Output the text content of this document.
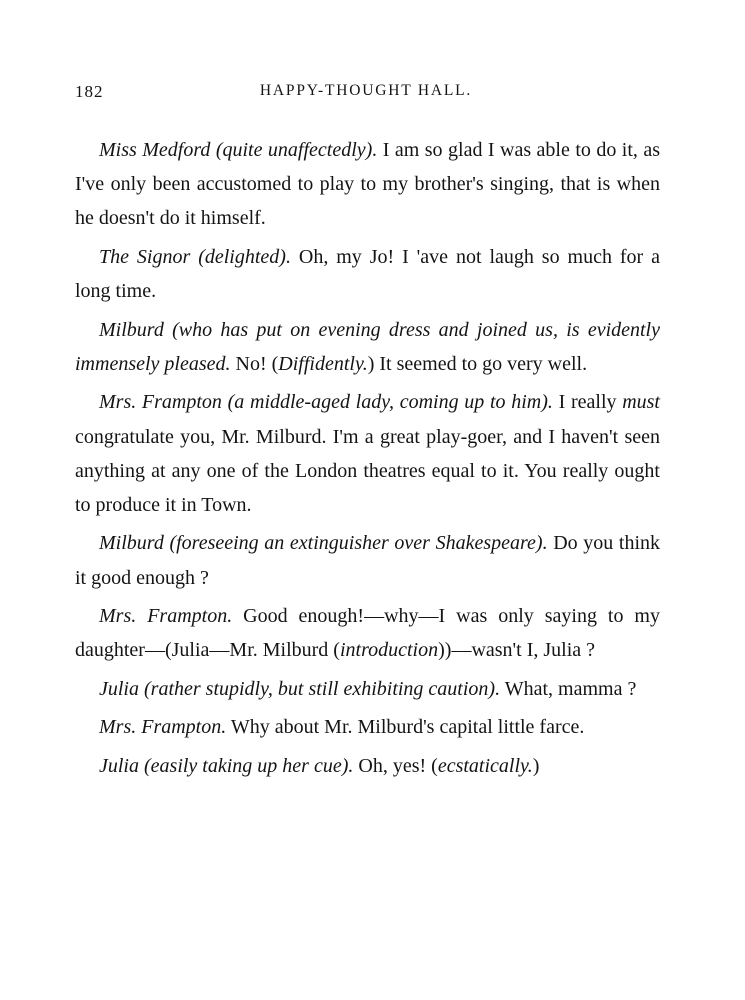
182	HAPPY-THOUGHT HALL.

Miss Medford (quite unaffectedly). I am so glad I was able to do it, as I've only been accustomed to play to my brother's singing, that is when he doesn't do it himself.

The Signor (delighted). Oh, my Jo! I 'ave not laugh so much for a long time.

Milburd (who has put on evening dress and joined us, is evidently immensely pleased. No! (Diffidently.) It seemed to go very well.

Mrs. Frampton (a middle-aged lady, coming up to him). I really must congratulate you, Mr. Milburd. I'm a great play-goer, and I haven't seen anything at any one of the London theatres equal to it. You really ought to produce it in Town.

Milburd (foreseeing an extinguisher over Shakespeare). Do you think it good enough ?

Mrs. Frampton. Good enough!—why—I was only saying to my daughter—(Julia—Mr. Milburd (introduction))—wasn't I, Julia ?

Julia (rather stupidly, but still exhibiting caution). What, mamma ?

Mrs. Frampton. Why about Mr. Milburd's capital little farce.

Julia (easily taking up her cue). Oh, yes! (ecstatically.)
